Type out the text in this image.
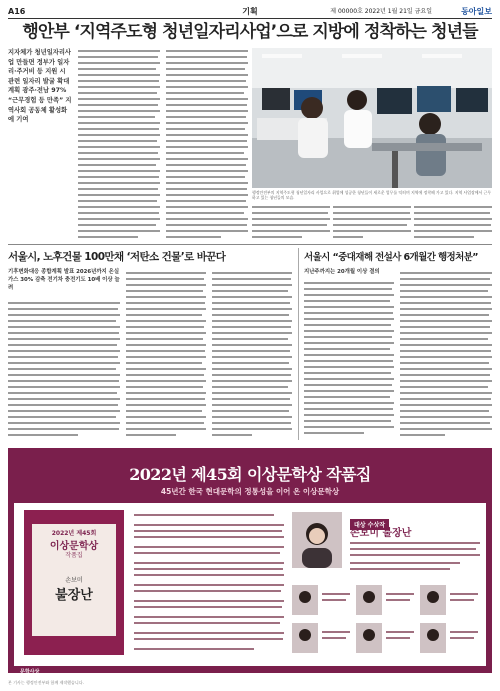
A16	기획	제 00000호 2022년 1월 21일 금요일	동아일보
행안부 ‘지역주도형 청년일자리사업’으로 지방에 정착하는 청년들
지자체가 청년일자리사업 만들면 정부가 일자리·주거비 등 지원 시 관련 일자리 발굴 확대 계획 광주·전남 97% “근무경험 등 만족” 지역사회 공동체 활성화에 기여
행정안전부의 지역주도형 청년일자리 사업으로 취업에 성공한 청년들이 새로운 업무를 익히며 지역에 정착해 가고 있다. 지역 사업장에서 근무하고 있는 청년들의 모습.
서울시, 노후건물 100만채 ‘저탄소 건물’로 바꾼다
기후변화대응 종합계획 발표 2026년까지 온실가스 30% 감축 전기차 충전기도 10배 이상 늘려
서울시 “중대재해 전설사 6개월간 행정처분”
지난주까지는 20개월 이상 결의
2022년 제45회 이상문학상 작품집
45년간 한국 현대문학의 정통성을 이어 온 이상문학상
2022년 제45회
이상문학상
작품집
손보미
불장난
대상 수상작
손보미 불장난
문학사상
본 기사는 행정안전부와 함께 제작했습니다.
